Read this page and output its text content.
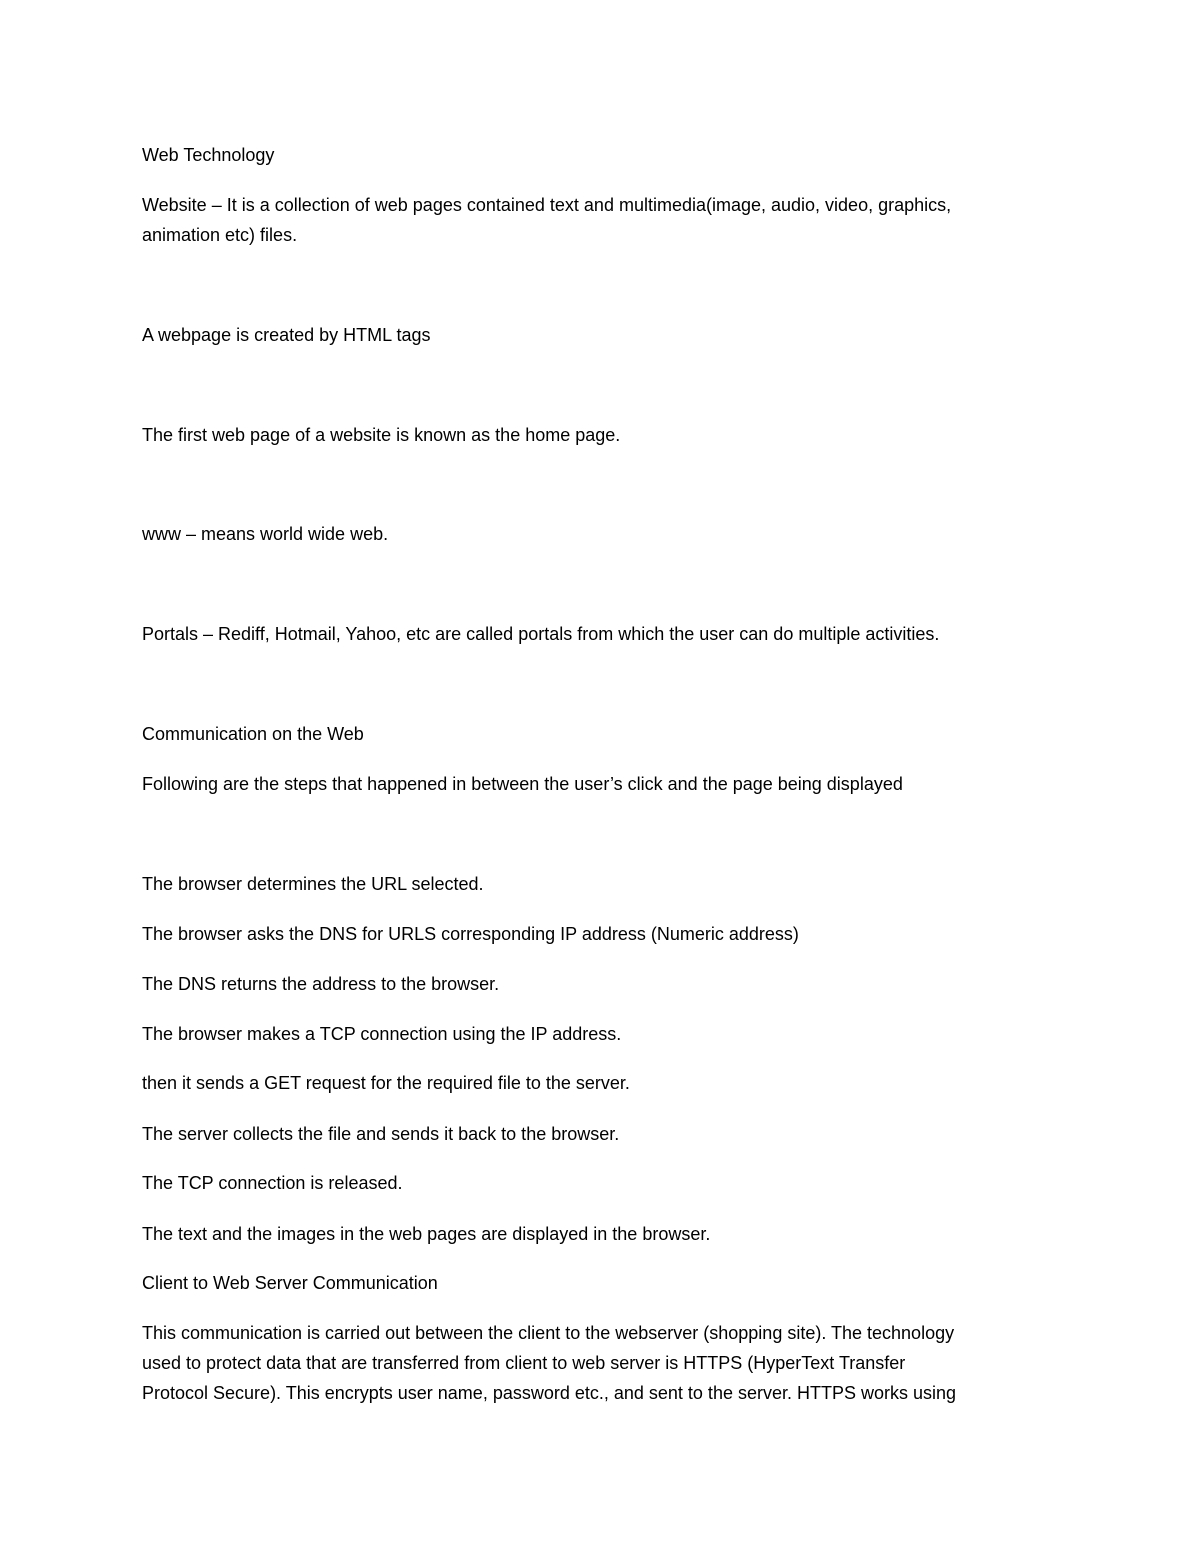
Web Technology

Website – It is a collection of web pages contained text and multimedia(image, audio, video, graphics,

animation etc) files.

A webpage is created by HTML tags

The first web page of a website is known as the home page.

www – means world wide web.

Portals – Rediff, Hotmail, Yahoo, etc are called portals from which the user can do multiple activities.

Communication on the Web

Following are the steps that happened in between the user’s click and the page being displayed

The browser determines the URL selected.

The browser asks the DNS for URLS corresponding IP address (Numeric address)

The DNS returns the address to the browser.

The browser makes a TCP connection using the IP address.

then it sends a GET request for the required file to the server.

The server collects the file and sends it back to the browser.

The TCP connection is released.

The text and the images in the web pages are displayed in the browser.

Client to Web Server Communication

This communication is carried out between the client to the webserver (shopping site). The technology

used to protect data that are transferred from client to web server is HTTPS (HyperText Transfer

Protocol Secure). This encrypts user name, password etc., and sent to the server. HTTPS works using
